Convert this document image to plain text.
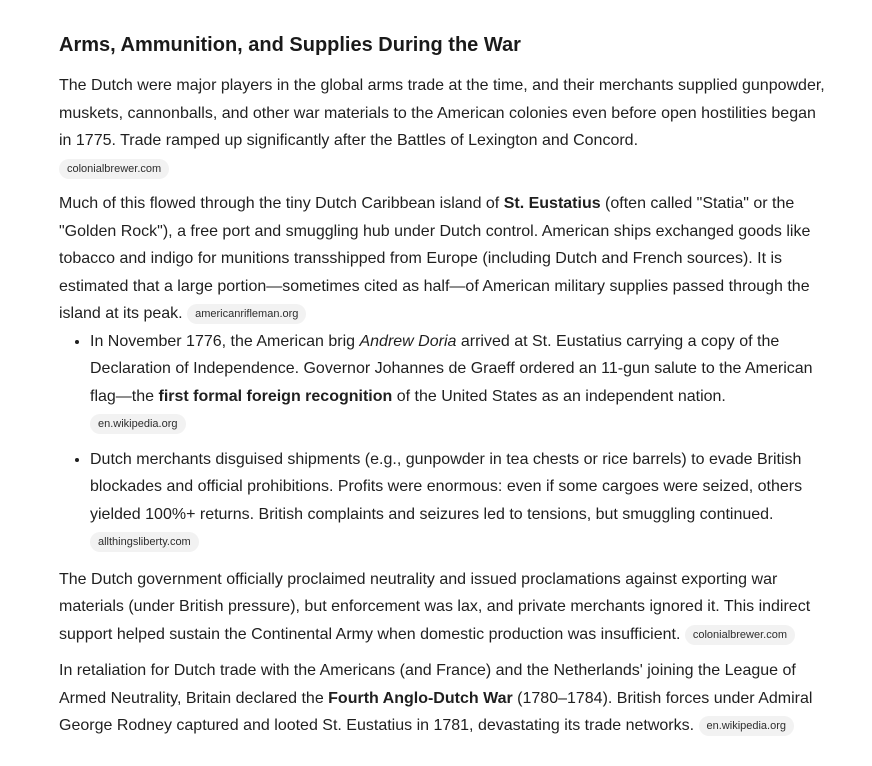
Arms, Ammunition, and Supplies During the War

The Dutch were major players in the global arms trade at the time, and their merchants supplied gunpowder, muskets, cannonballs, and other war materials to the American colonies even before open hostilities began in 1775. Trade ramped up significantly after the Battles of Lexington and Concord.
colonialbrewer.com

Much of this flowed through the tiny Dutch Caribbean island of St. Eustatius (often called "Statia" or the "Golden Rock"), a free port and smuggling hub under Dutch control. American ships exchanged goods like tobacco and indigo for munitions transshipped from Europe (including Dutch and French sources). It is estimated that a large portion—sometimes cited as half—of American military supplies passed through the island at its peak. americanrifleman.org

• In November 1776, the American brig Andrew Doria arrived at St. Eustatius carrying a copy of the Declaration of Independence. Governor Johannes de Graeff ordered an 11-gun salute to the American flag—the first formal foreign recognition of the United States as an independent nation.
en.wikipedia.org
• Dutch merchants disguised shipments (e.g., gunpowder in tea chests or rice barrels) to evade British blockades and official prohibitions. Profits were enormous: even if some cargoes were seized, others yielded 100%+ returns. British complaints and seizures led to tensions, but smuggling continued.
allthingsliberty.com

The Dutch government officially proclaimed neutrality and issued proclamations against exporting war materials (under British pressure), but enforcement was lax, and private merchants ignored it. This indirect support helped sustain the Continental Army when domestic production was insufficient. colonialbrewer.com

In retaliation for Dutch trade with the Americans (and France) and the Netherlands' joining the League of Armed Neutrality, Britain declared the Fourth Anglo-Dutch War (1780–1784). British forces under Admiral George Rodney captured and looted St. Eustatius in 1781, devastating its trade networks. en.wikipedia.org
